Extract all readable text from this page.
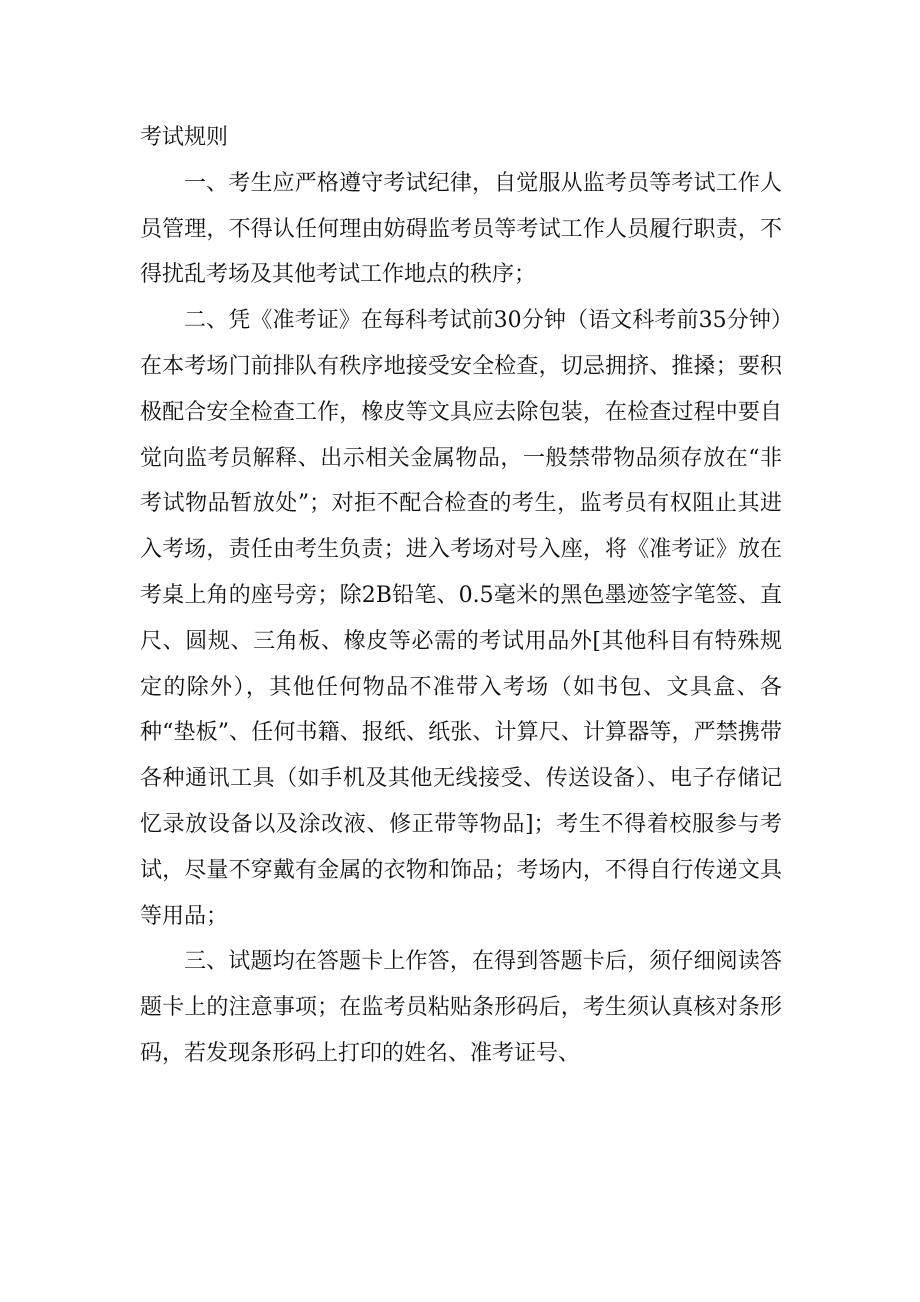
考试规则

一、考生应严格遵守考试纪律，自觉服从监考员等考试工作人员管理，不得认任何理由妨碍监考员等考试工作人员履行职责，不得扰乱考场及其他考试工作地点的秩序；

二、凭《准考证》在每科考试前30分钟（语文科考前35分钟）在本考场门前排队有秩序地接受安全检查，切忌拥挤、推搡；要积极配合安全检查工作，橡皮等文具应去除包装，在检查过程中要自觉向监考员解释、出示相关金属物品，一般禁带物品须存放在“非考试物品暂放处”；对拒不配合检查的考生，监考员有权阻止其进入考场，责任由考生负责；进入考场对号入座，将《准考证》放在考桌上角的座号旁；除2B铅笔、0.5毫米的黑色墨迹签字笔签、直尺、圆规、三角板、橡皮等必需的考试用品外[其他科目有特殊规定的除外），其他任何物品不准带入考场（如书包、文具盒、各种“垫板”、任何书籍、报纸、纸张、计算尺、计算器等，严禁携带各种通讯工具（如手机及其他无线接受、传送设备）、电子存储记忆录放设备以及涂改液、修正带等物品]；考生不得着校服参与考试，尽量不穿戴有金属的衣物和饰品；考场内，不得自行传递文具等用品；

三、试题均在答题卡上作答，在得到答题卡后，须仔细阅读答题卡上的注意事项；在监考员粘贴条形码后，考生须认真核对条形码，若发现条形码上打印的姓名、准考证号、
